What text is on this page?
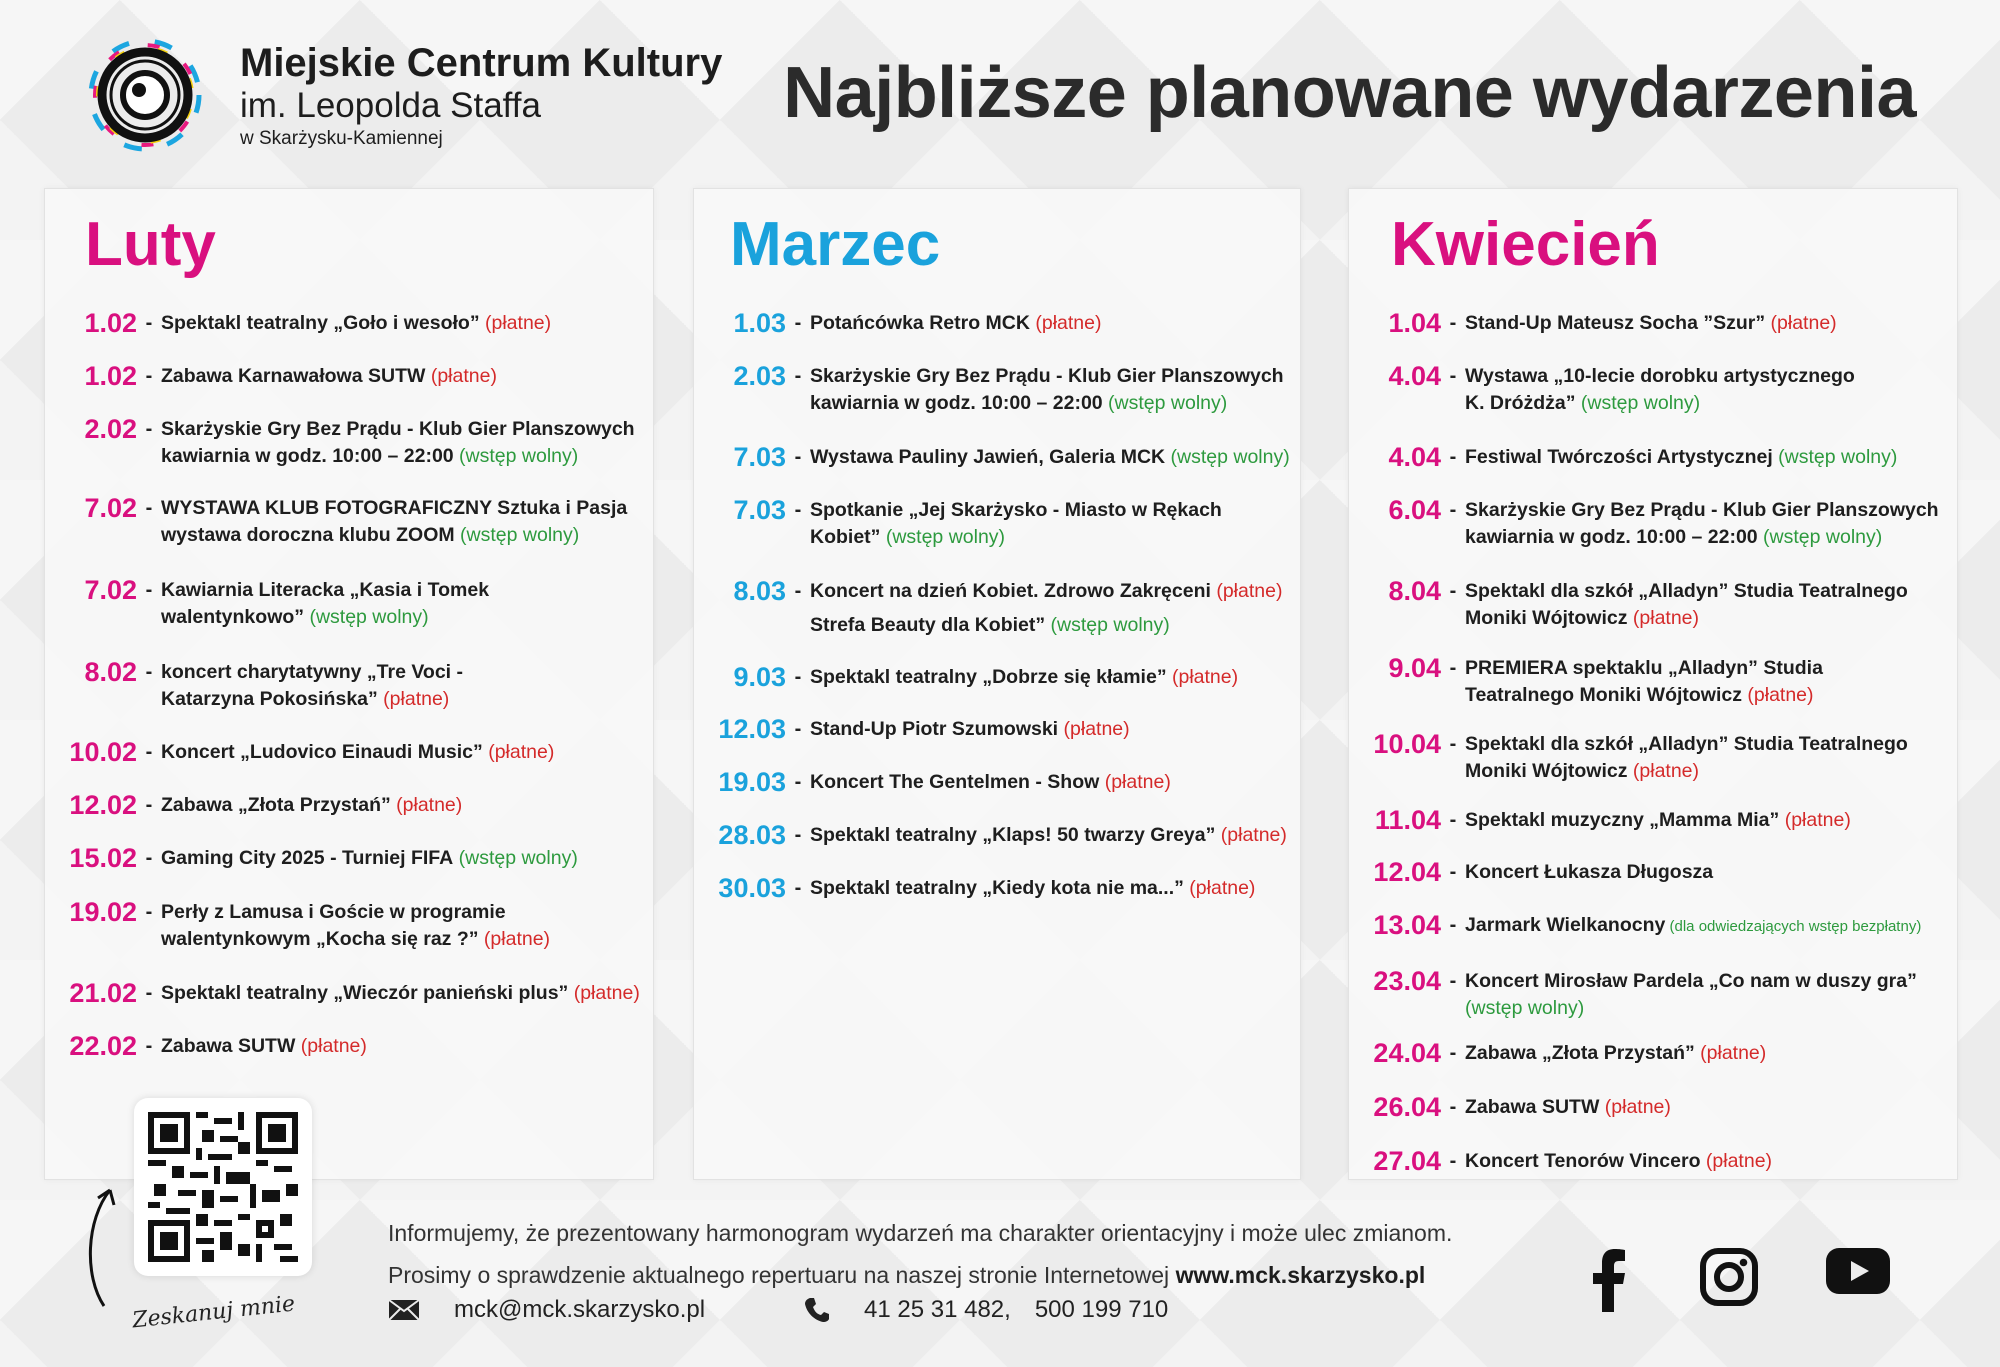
Miejskie Centrum Kultury
im. Leopolda Staffa
w Skarżysku-Kamiennej
Najbliższe planowane wydarzenia
Luty
1.02 - Spektakl teatralny „Goło i wesoło” (płatne)
1.02 - Zabawa Karnawałowa SUTW (płatne)
2.02 - Skarżyskie Gry Bez Prądu - Klub Gier Planszowych
kawiarnia w godz. 10:00 – 22:00 (wstęp wolny)
7.02 - WYSTAWA KLUB FOTOGRAFICZNY Sztuka i Pasja
wystawa doroczna klubu ZOOM (wstęp wolny)
7.02 - Kawiarnia Literacka „Kasia i Tomek
walentynkowo” (wstęp wolny)
8.02 - koncert charytatywny „Tre Voci -
Katarzyna Pokosińska” (płatne)
10.02 - Koncert „Ludovico Einaudi Music” (płatne)
12.02 - Zabawa „Złota Przystań” (płatne)
15.02 - Gaming City 2025 - Turniej FIFA (wstęp wolny)
19.02 - Perły z Lamusa i Goście w programie
walentynkowym „Kocha się raz ?” (płatne)
21.02 - Spektakl teatralny „Wieczór panieński plus” (płatne)
22.02 - Zabawa SUTW (płatne)
Marzec
1.03 - Potańcówka Retro MCK (płatne)
2.03 - Skarżyskie Gry Bez Prądu - Klub Gier Planszowych
kawiarnia w godz. 10:00 – 22:00 (wstęp wolny)
7.03 - Wystawa Pauliny Jawień, Galeria MCK (wstęp wolny)
7.03 - Spotkanie „Jej Skarżysko - Miasto w Rękach
Kobiet” (wstęp wolny)
8.03 - Koncert na dzień Kobiet. Zdrowo Zakręceni (płatne)
Strefa Beauty dla Kobiet” (wstęp wolny)
9.03 - Spektakl teatralny „Dobrze się kłamie” (płatne)
12.03 - Stand-Up Piotr Szumowski (płatne)
19.03 - Koncert The Gentelmen - Show (płatne)
28.03 - Spektakl teatralny „Klaps! 50 twarzy Greya” (płatne)
30.03 - Spektakl teatralny „Kiedy kota nie ma...” (płatne)
Kwiecień
1.04 - Stand-Up Mateusz Socha ”Szur” (płatne)
4.04 - Wystawa „10-lecie dorobku artystycznego
K. Dróżdża” (wstęp wolny)
4.04 - Festiwal Twórczości Artystycznej (wstęp wolny)
6.04 - Skarżyskie Gry Bez Prądu - Klub Gier Planszowych
kawiarnia w godz. 10:00 – 22:00 (wstęp wolny)
8.04 - Spektakl dla szkół „Alladyn” Studia Teatralnego
Moniki Wójtowicz (płatne)
9.04 - PREMIERA spektaklu „Alladyn” Studia
Teatralnego Moniki Wójtowicz (płatne)
10.04 - Spektakl dla szkół „Alladyn” Studia Teatralnego
Moniki Wójtowicz (płatne)
11.04 - Spektakl muzyczny „Mamma Mia” (płatne)
12.04 - Koncert Łukasza Długosza
13.04 - Jarmark Wielkanocny (dla odwiedzających wstęp bezpłatny)
23.04 - Koncert Mirosław Pardela „Co nam w duszy gra”
(wstęp wolny)
24.04 - Zabawa „Złota Przystań” (płatne)
26.04 - Zabawa SUTW (płatne)
27.04 - Koncert Tenorów Vincero (płatne)
Zeskanuj mnie
Informujemy, że prezentowany harmonogram wydarzeń ma charakter orientacyjny i może ulec zmianom.
Prosimy o sprawdzenie aktualnego repertuaru na naszej stronie Internetowej www.mck.skarzysko.pl
mck@mck.skarzysko.pl	41 25 31 482, 500 199 710
